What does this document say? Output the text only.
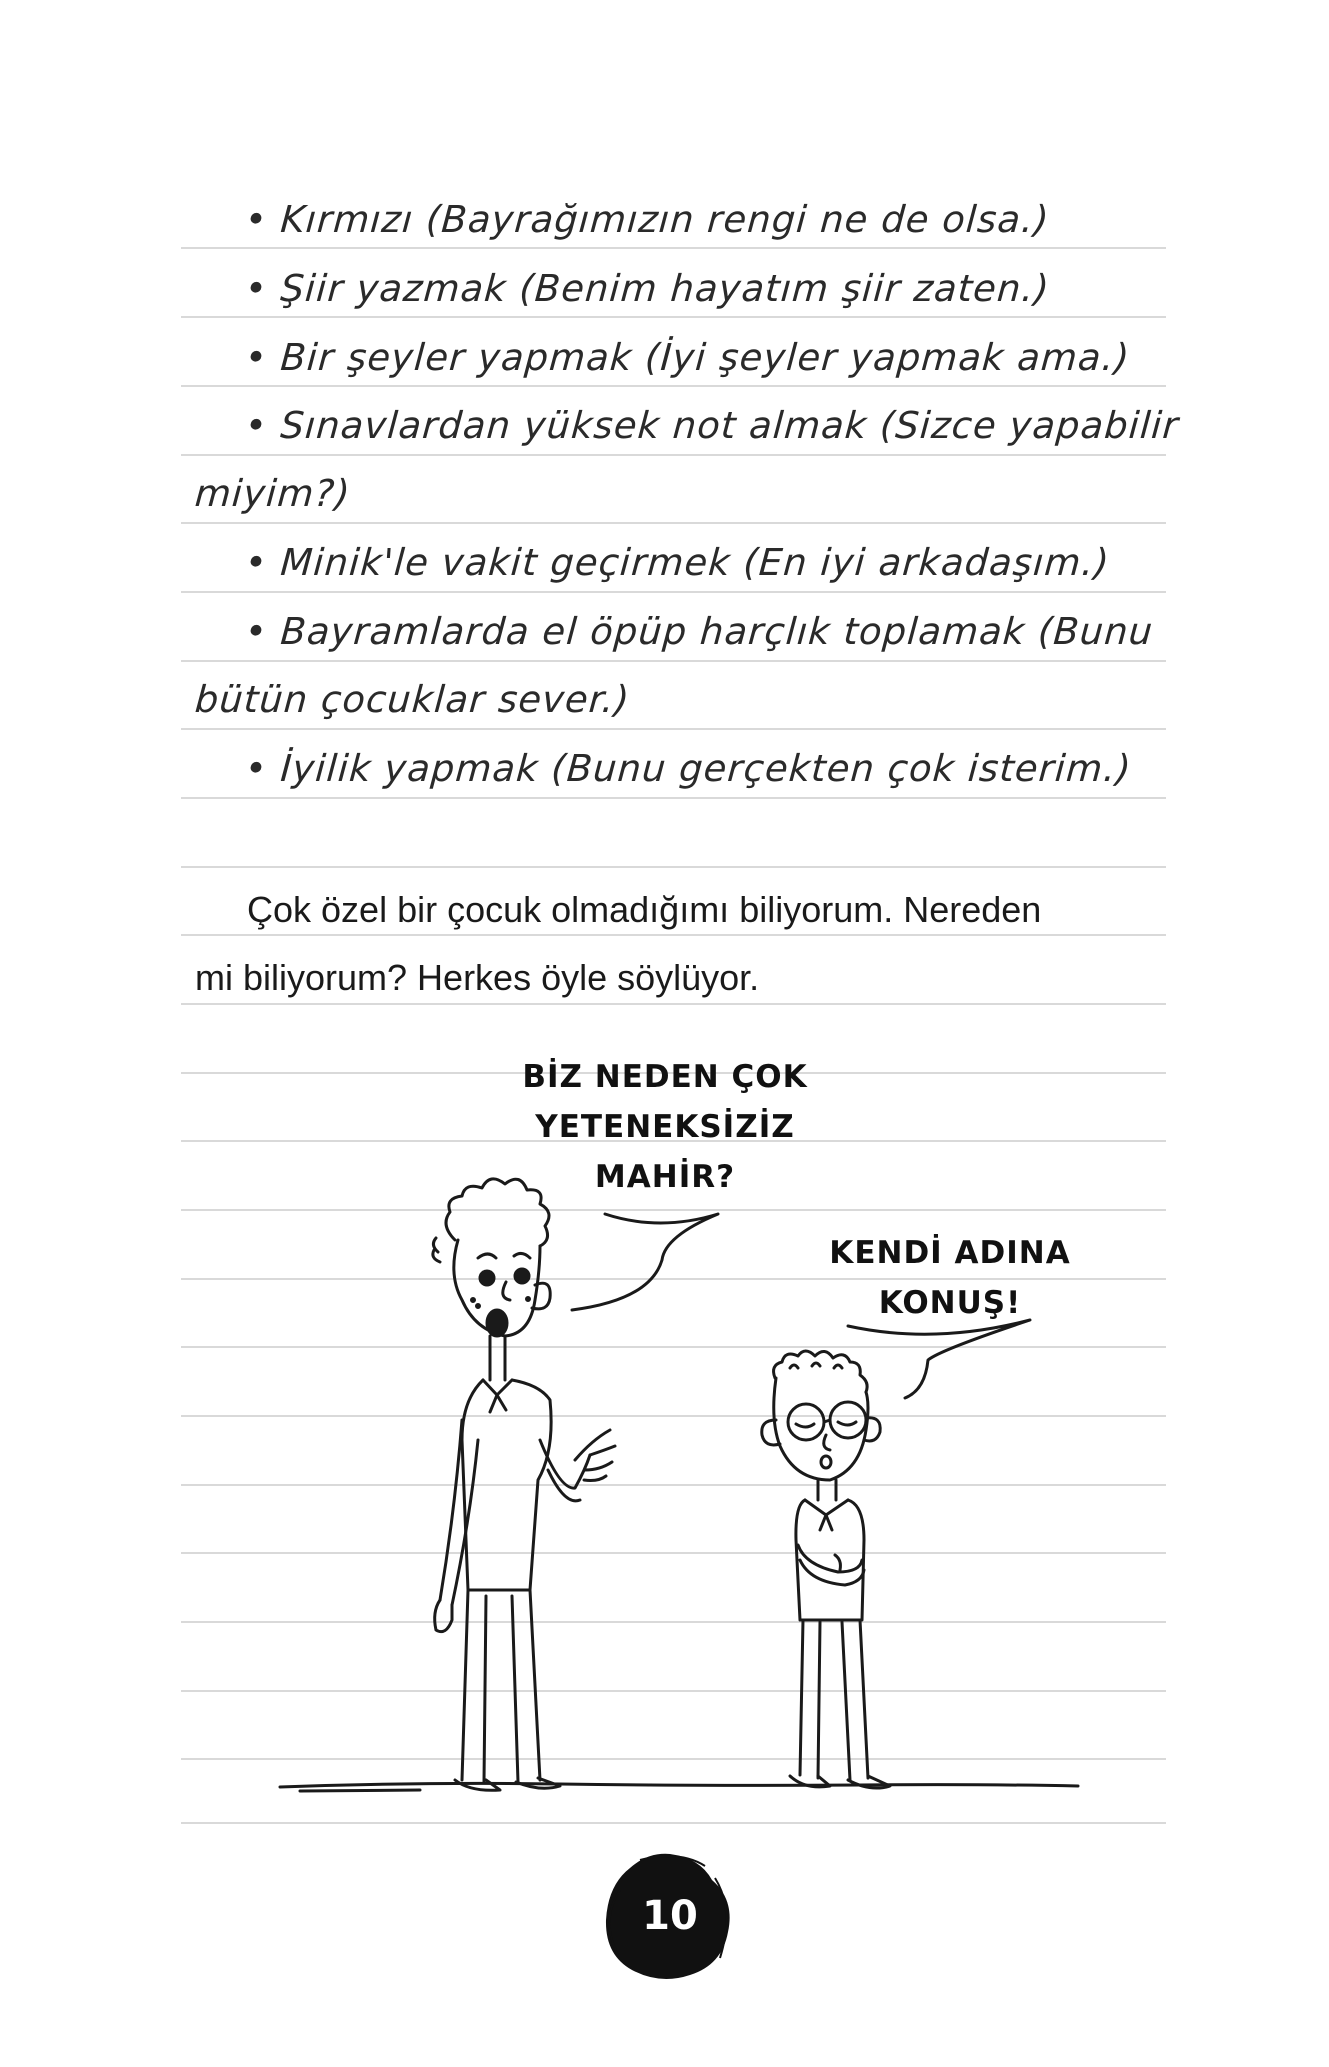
• Kırmızı (Bayrağımızın rengi ne de olsa.)
• Şiir yazmak (Benim hayatım şiir zaten.)
• Bir şeyler yapmak (İyi şeyler yapmak ama.)
• Sınavlardan yüksek not almak (Sizce yapabilir
miyim?)
• Minik'le vakit geçirmek (En iyi arkadaşım.)
• Bayramlarda el öpüp harçlık toplamak (Bunu
bütün çocuklar sever.)
• İyilik yapmak (Bunu gerçekten çok isterim.)
Çok özel bir çocuk olmadığımı biliyorum. Nereden
mi biliyorum? Herkes öyle söylüyor.
BİZ NEDEN ÇOK
YETENEKSİZİZ
MAHİR?
KENDİ ADINA
KONUŞ!
10
